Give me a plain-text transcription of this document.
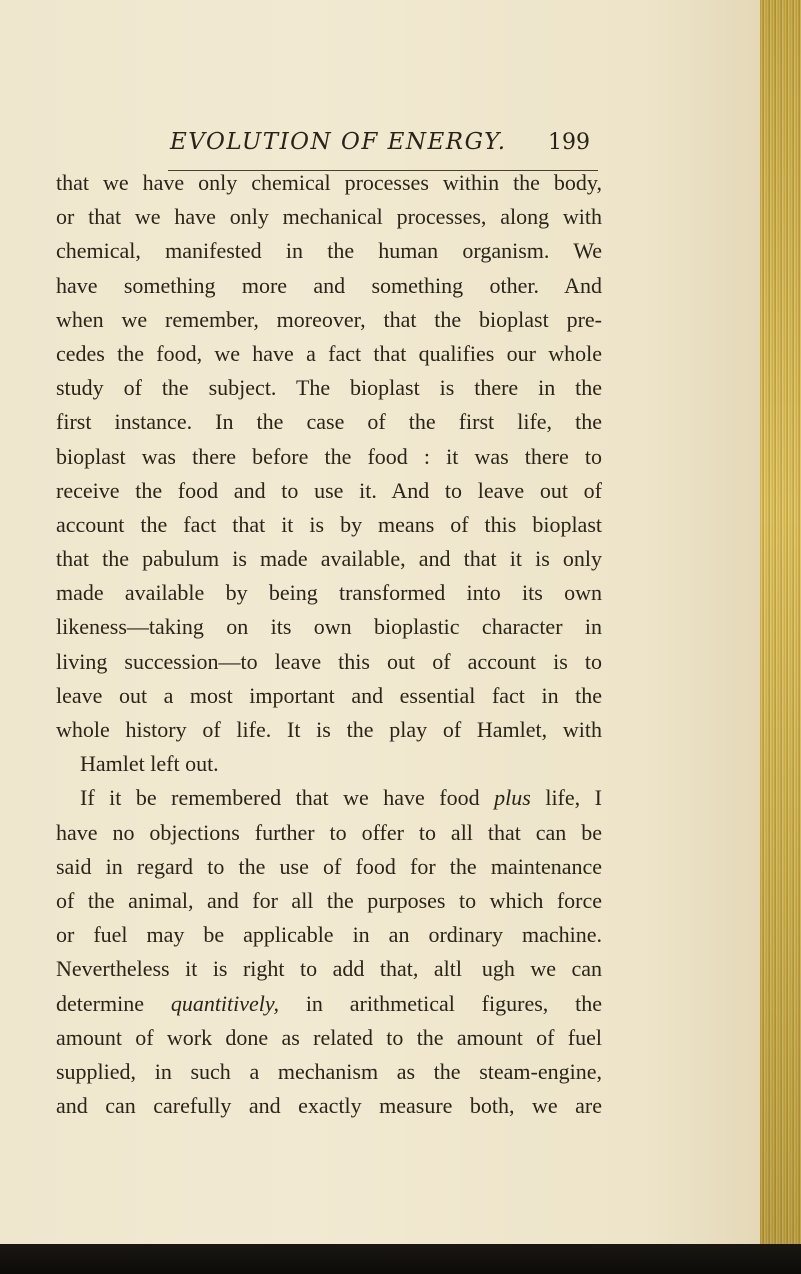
EVOLUTION OF ENERGY. 199
that we have only chemical processes within the body,
or that we have only mechanical processes, along with
chemical, manifested in the human organism. We
have something more and something other. And
when we remember, moreover, that the bioplast pre-
cedes the food, we have a fact that qualifies our whole
study of the subject. The bioplast is there in the
first instance. In the case of the first life, the
bioplast was there before the food : it was there to
receive the food and to use it. And to leave out of
account the fact that it is by means of this bioplast
that the pabulum is made available, and that it is only
made available by being transformed into its own
likeness—taking on its own bioplastic character in
living succession—to leave this out of account is to
leave out a most important and essential fact in the
whole history of life. It is the play of Hamlet, with
Hamlet left out.
If it be remembered that we have food plus life, I
have no objections further to offer to all that can be
said in regard to the use of food for the maintenance
of the animal, and for all the purposes to which force
or fuel may be applicable in an ordinary machine.
Nevertheless it is right to add that, altl  ugh we can
determine quantitively, in arithmetical figures, the
amount of work done as related to the amount of fuel
supplied, in such a mechanism as the steam-engine,
and can carefully and exactly measure both, we are
